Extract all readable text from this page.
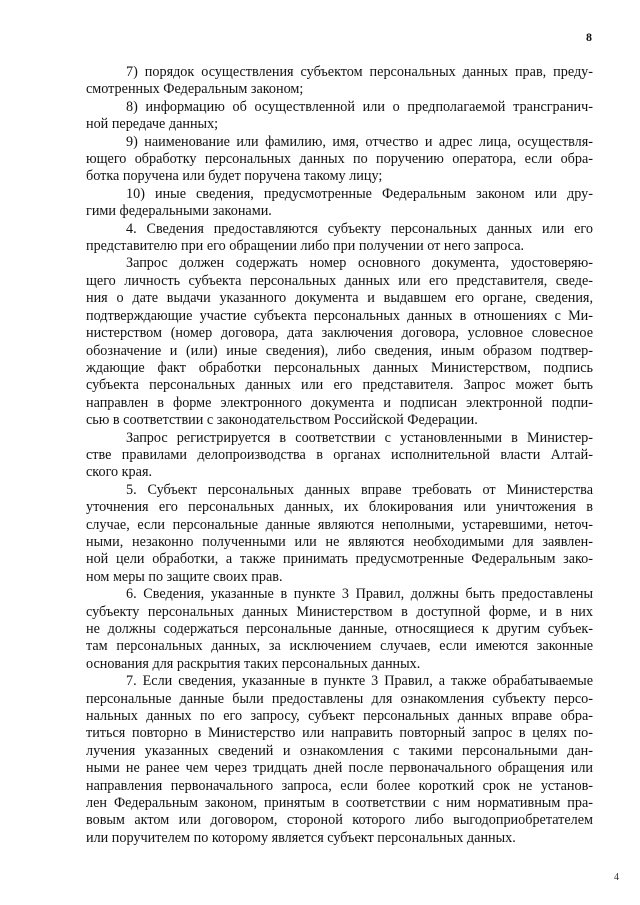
8
7) порядок осуществления субъектом персональных данных прав, преду-
смотренных Федеральным законом;
8) информацию об осуществленной или о предполагаемой трансгранич-
ной передаче данных;
9) наименование или фамилию, имя, отчество и адрес лица, осуществля-
ющего обработку персональных данных по поручению оператора, если обра-
ботка поручена или будет поручена такому лицу;
10) иные сведения, предусмотренные Федеральным законом или дру-
гими федеральными законами.
4. Сведения предоставляются субъекту персональных данных или его
представителю при его обращении либо при получении от него запроса.
Запрос должен содержать номер основного документа, удостоверяю-
щего личность субъекта персональных данных или его представителя, сведе-
ния о дате выдачи указанного документа и выдавшем его органе, сведения,
подтверждающие участие субъекта персональных данных в отношениях с Ми-
нистерством (номер договора, дата заключения договора, условное словесное
обозначение и (или) иные сведения), либо сведения, иным образом подтвер-
ждающие факт обработки персональных данных Министерством, подпись
субъекта персональных данных или его представителя. Запрос может быть
направлен в форме электронного документа и подписан электронной подпи-
сью в соответствии с законодательством Российской Федерации.
Запрос регистрируется в соответствии с установленными в Министер-
стве правилами делопроизводства в органах исполнительной власти Алтай-
ского края.
5. Субъект персональных данных вправе требовать от Министерства
уточнения его персональных данных, их блокирования или уничтожения в
случае, если персональные данные являются неполными, устаревшими, неточ-
ными, незаконно полученными или не являются необходимыми для заявлен-
ной цели обработки, а также принимать предусмотренные Федеральным зако-
ном меры по защите своих прав.
6. Сведения, указанные в пункте 3 Правил, должны быть предоставлены
субъекту персональных данных Министерством в доступной форме, и в них
не должны содержаться персональные данные, относящиеся к другим субъек-
там персональных данных, за исключением случаев, если имеются законные
основания для раскрытия таких персональных данных.
7. Если сведения, указанные в пункте 3 Правил, а также обрабатываемые
персональные данные были предоставлены для ознакомления субъекту персо-
нальных данных по его запросу, субъект персональных данных вправе обра-
титься повторно в Министерство или направить повторный запрос в целях по-
лучения указанных сведений и ознакомления с такими персональными дан-
ными не ранее чем через тридцать дней после первоначального обращения или
направления первоначального запроса, если более короткий срок не установ-
лен Федеральным законом, принятым в соответствии с ним нормативным пра-
вовым актом или договором, стороной которого либо выгодоприобретателем
или поручителем по которому является субъект персональных данных.
4
